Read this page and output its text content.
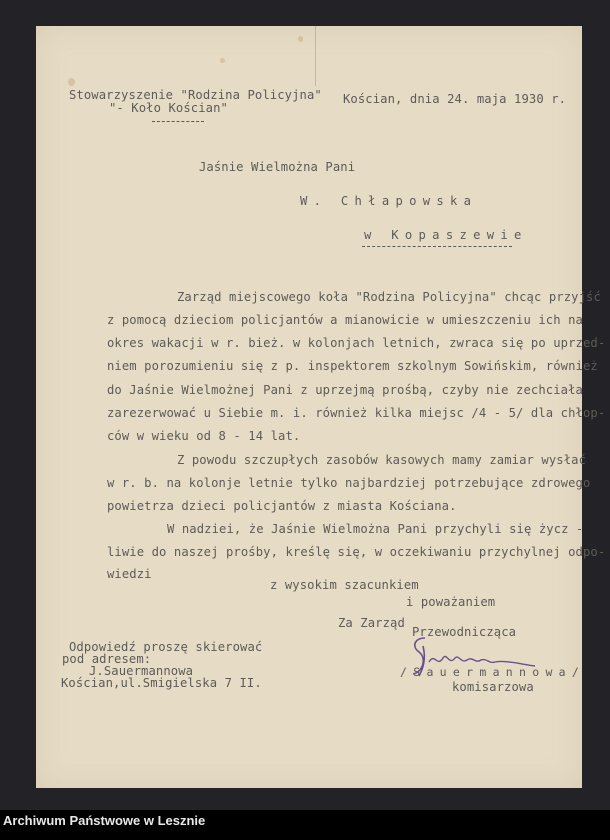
Stowarzyszenie "Rodzina Policyjna"
"- Koło Kościan"
Kościan, dnia 24. maja 1930 r.
Jaśnie Wielmożna Pani
W. Chłapowska
w Kopaszewie
Zarząd miejscowego koła "Rodzina Policyjna" chcąc przyjść
z pomocą dzieciom policjantów a mianowicie w umieszczeniu ich na
okres wakacji w r. bież. w kolonjach letnich, zwraca się po uprzed-
niem porozumieniu się z p. inspektorem szkolnym Sowińskim, również
do Jaśnie Wielmożnej Pani z uprzejmą prośbą, czyby nie zechciała
zarezerwować u Siebie m. i. również kilka miejsc /4 - 5/ dla chłop-
ców w wieku od 8 - 14 lat.
Z powodu szczupłych zasobów kasowych mamy zamiar wysłać
w r. b. na kolonje letnie tylko najbardziej potrzebujące zdrowego
powietrza dzieci policjantów z miasta Kościana.
W nadziei, że Jaśnie Wielmożna Pani przychyli się życz -
liwie do naszej prośby, kreślę się, w oczekiwaniu przychylnej odpo-
wiedzi
z wysokim szacunkiem
i poważaniem
Za Zarząd
Przewodnicząca
/Sauermannowa/
komisarzowa
Odpowiedź proszę skierować
pod adresem:
J.Sauermannowa
Kościan,ul.Smigielska 7 II.
Archiwum Państwowe w Lesznie
